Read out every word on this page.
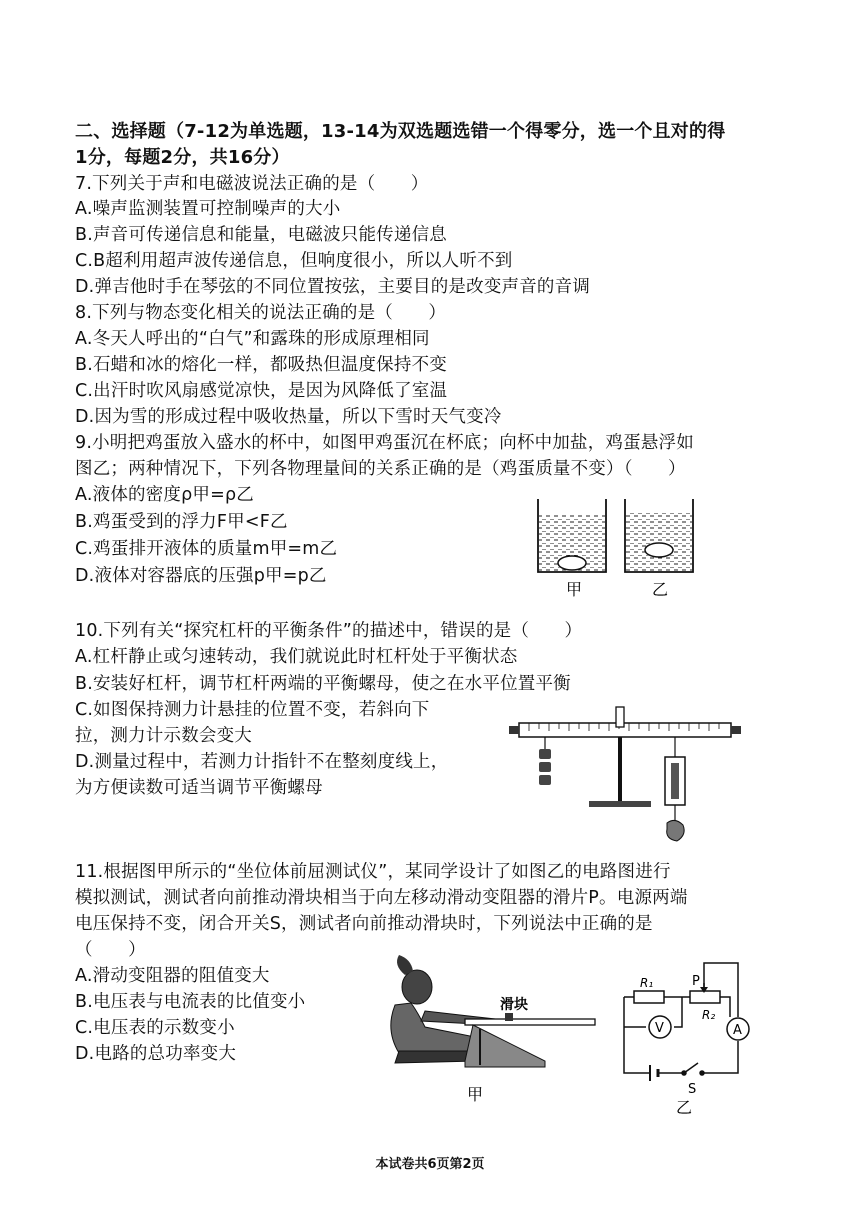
二、选择题（7-12为单选题，13-14为双选题选错一个得零分，选一个且对的得
1分，每题2分，共16分）
7.下列关于声和电磁波说法正确的是（　　）
A.噪声监测装置可控制噪声的大小
B.声音可传递信息和能量，电磁波只能传递信息
C.B超利用超声波传递信息，但响度很小，所以人听不到
D.弹吉他时手在琴弦的不同位置按弦，主要目的是改变声音的音调
8.下列与物态变化相关的说法正确的是（　　）
A.冬天人呼出的“白气”和露珠的形成原理相同
B.石蜡和冰的熔化一样，都吸热但温度保持不变
C.出汗时吹风扇感觉凉快，是因为风降低了室温
D.因为雪的形成过程中吸收热量，所以下雪时天气变冷
9.小明把鸡蛋放入盛水的杯中，如图甲鸡蛋沉在杯底；向杯中加盐，鸡蛋悬浮如
图乙；两种情况下，下列各物理量间的关系正确的是（鸡蛋质量不变）（　　）
A.液体的密度ρ甲=ρ乙
B.鸡蛋受到的浮力F甲<F乙
C.鸡蛋排开液体的质量m甲=m乙
D.液体对容器底的压强p甲=p乙
甲	乙
10.下列有关“探究杠杆的平衡条件”的描述中，错误的是（　　）
A.杠杆静止或匀速转动，我们就说此时杠杆处于平衡状态
B.安装好杠杆，调节杠杆两端的平衡螺母，使之在水平位置平衡
C.如图保持测力计悬挂的位置不变，若斜向下
拉，测力计示数会变大
D.测量过程中，若测力计指针不在整刻度线上，
为方便读数可适当调节平衡螺母
11.根据图甲所示的“坐位体前屈测试仪”，某同学设计了如图乙的电路图进行
模拟测试，测试者向前推动滑块相当于向左移动滑动变阻器的滑片P。电源两端
电压保持不变，闭合开关S，测试者向前推动滑块时，下列说法中正确的是
（　　）
A.滑动变阻器的阻值变大
B.电压表与电流表的比值变小
C.电压表的示数变小
D.电路的总功率变大
滑块
甲
V	A
R₁	P
R₂
S
乙
本试卷共6页第2页
